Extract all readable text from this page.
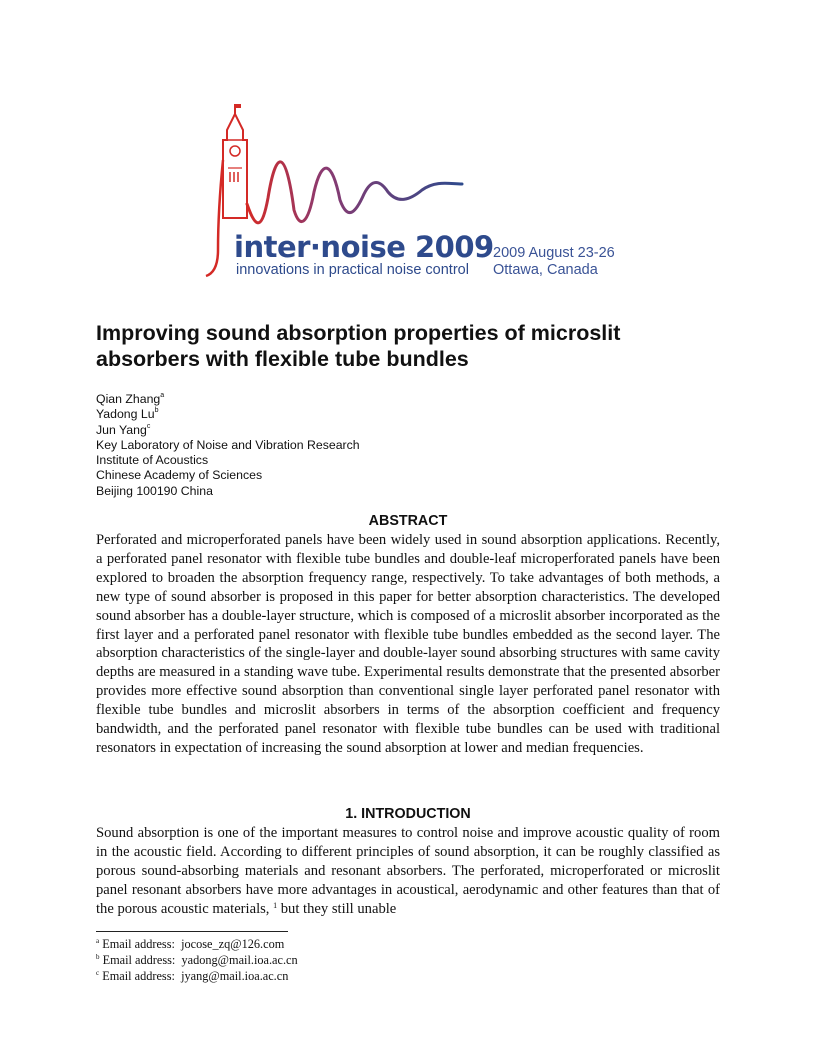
inter·noise 2009
innovations in practical noise control
2009 August 23-26
Ottawa, Canada
Improving sound absorption properties of microslit absorbers with flexible tube bundles
Qian Zhang$^a$
Yadong Lu$^b$
Jun Yang$^c$
Key Laboratory of Noise and Vibration Research
Institute of Acoustics
Chinese Academy of Sciences
Beijing 100190 China
ABSTRACT

Perforated and microperforated panels have been widely used in sound absorption applications. Recently, a perforated panel resonator with flexible tube bundles and double-leaf microperforated panels have been explored to broaden the absorption frequency range, respectively. To take advantages of both methods, a new type of sound absorber is proposed in this paper for better absorption characteristics. The developed sound absorber has a double-layer structure, which is composed of a microslit absorber incorporated as the first layer and a perforated panel resonator with flexible tube bundles embedded as the second layer. The absorption characteristics of the single-layer and double-layer sound absorbing structures with same cavity depths are measured in a standing wave tube. Experimental results demonstrate that the presented absorber provides more effective sound absorption than conventional single layer perforated panel resonator with flexible tube bundles and microslit absorbers in terms of the absorption coefficient and frequency bandwidth, and the perforated panel resonator with flexible tube bundles can be used with traditional resonators in expectation of increasing the sound absorption at lower and median frequencies.

1. INTRODUCTION

Sound absorption is one of the important measures to control noise and improve acoustic quality of room in the acoustic field. According to different principles of sound absorption, it can be roughly classified as porous sound-absorbing materials and resonant absorbers. The perforated, microperforated or microslit panel resonant absorbers have more advantages in acoustical, aerodynamic and other features than that of the porous acoustic materials, $^1$ but they still unable

$^a$ Email address: jocose_zq@126.com
$^b$ Email address: yadong@mail.ioa.ac.cn
$^c$ Email address: jyang@mail.ioa.ac.cn
